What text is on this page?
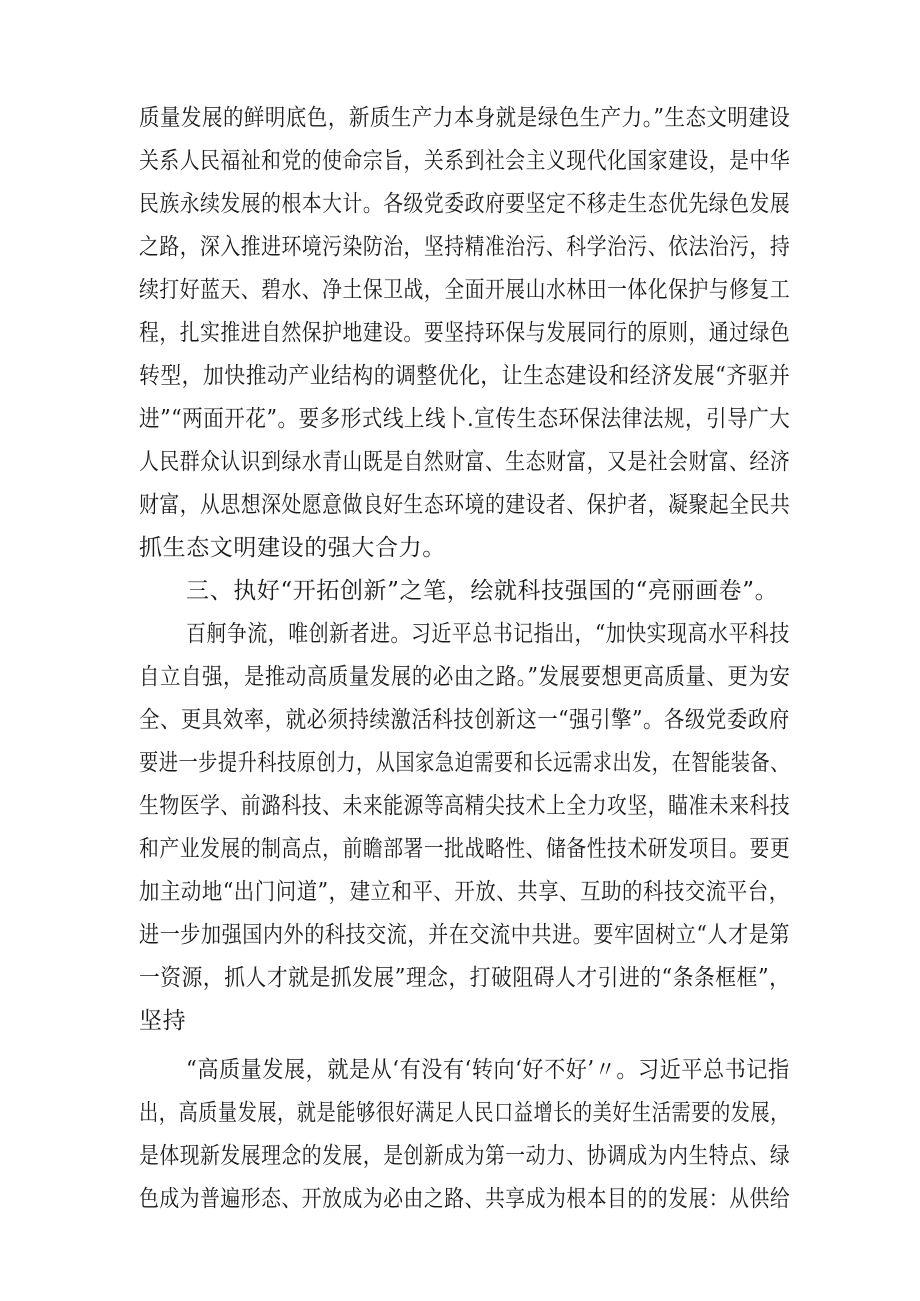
质量发展的鲜明底色，新质生产力本身就是绿色生产力。”生态文明建设
关系人民福祉和党的使命宗旨，关系到社会主义现代化国家建设，是中华
民族永续发展的根本大计。各级党委政府要坚定不移走生态优先绿色发展
之路，深入推进环境污染防治，坚持精准治污、科学治污、依法治污，持
续打好蓝天、碧水、净土保卫战，全面开展山水林田一体化保护与修复工
程，扎实推进自然保护地建设。要坚持环保与发展同行的原则，通过绿色
转型，加快推动产业结构的调整优化，让生态建设和经济发展“齐驱并
进”“两面开花”。要多形式线上线卜.宣传生态环保法律法规，引导广大
人民群众认识到绿水青山既是自然财富、生态财富，又是社会财富、经济
财富，从思想深处愿意做良好生态环境的建设者、保护者，凝聚起全民共
抓生态文明建设的强大合力。
三、执好“开拓创新”之笔，绘就科技强国的“亮丽画卷”。
百舸争流，唯创新者进。习近平总书记指出，“加快实现高水平科技
自立自强，是推动高质量发展的必由之路。”发展要想更高质量、更为安
全、更具效率，就必须持续激活科技创新这一“强引擎”。各级党委政府
要进一步提升科技原创力，从国家急迫需要和长远需求出发，在智能装备、
生物医学、前潞科技、未来能源等高精尖技术上全力攻坚，瞄准未来科技
和产业发展的制高点，前瞻部署一批战略性、储备性技术研发项目。要更
加主动地“出门问道”，建立和平、开放、共享、互助的科技交流平台，
进一步加强国内外的科技交流，并在交流中共进。要牢固树立“人才是第
一资源，抓人才就是抓发展”理念，打破阻碍人才引进的“条条框框”，
坚持
“高质量发展，就是从‘有没有‘转向‘好不好’〃。习近平总书记指
出，高质量发展，就是能够很好满足人民口益增长的美好生活需要的发展，
是体现新发展理念的发展，是创新成为第一动力、协调成为内生特点、绿
色成为普遍形态、开放成为必由之路、共享成为根本目的的发展：从供给
